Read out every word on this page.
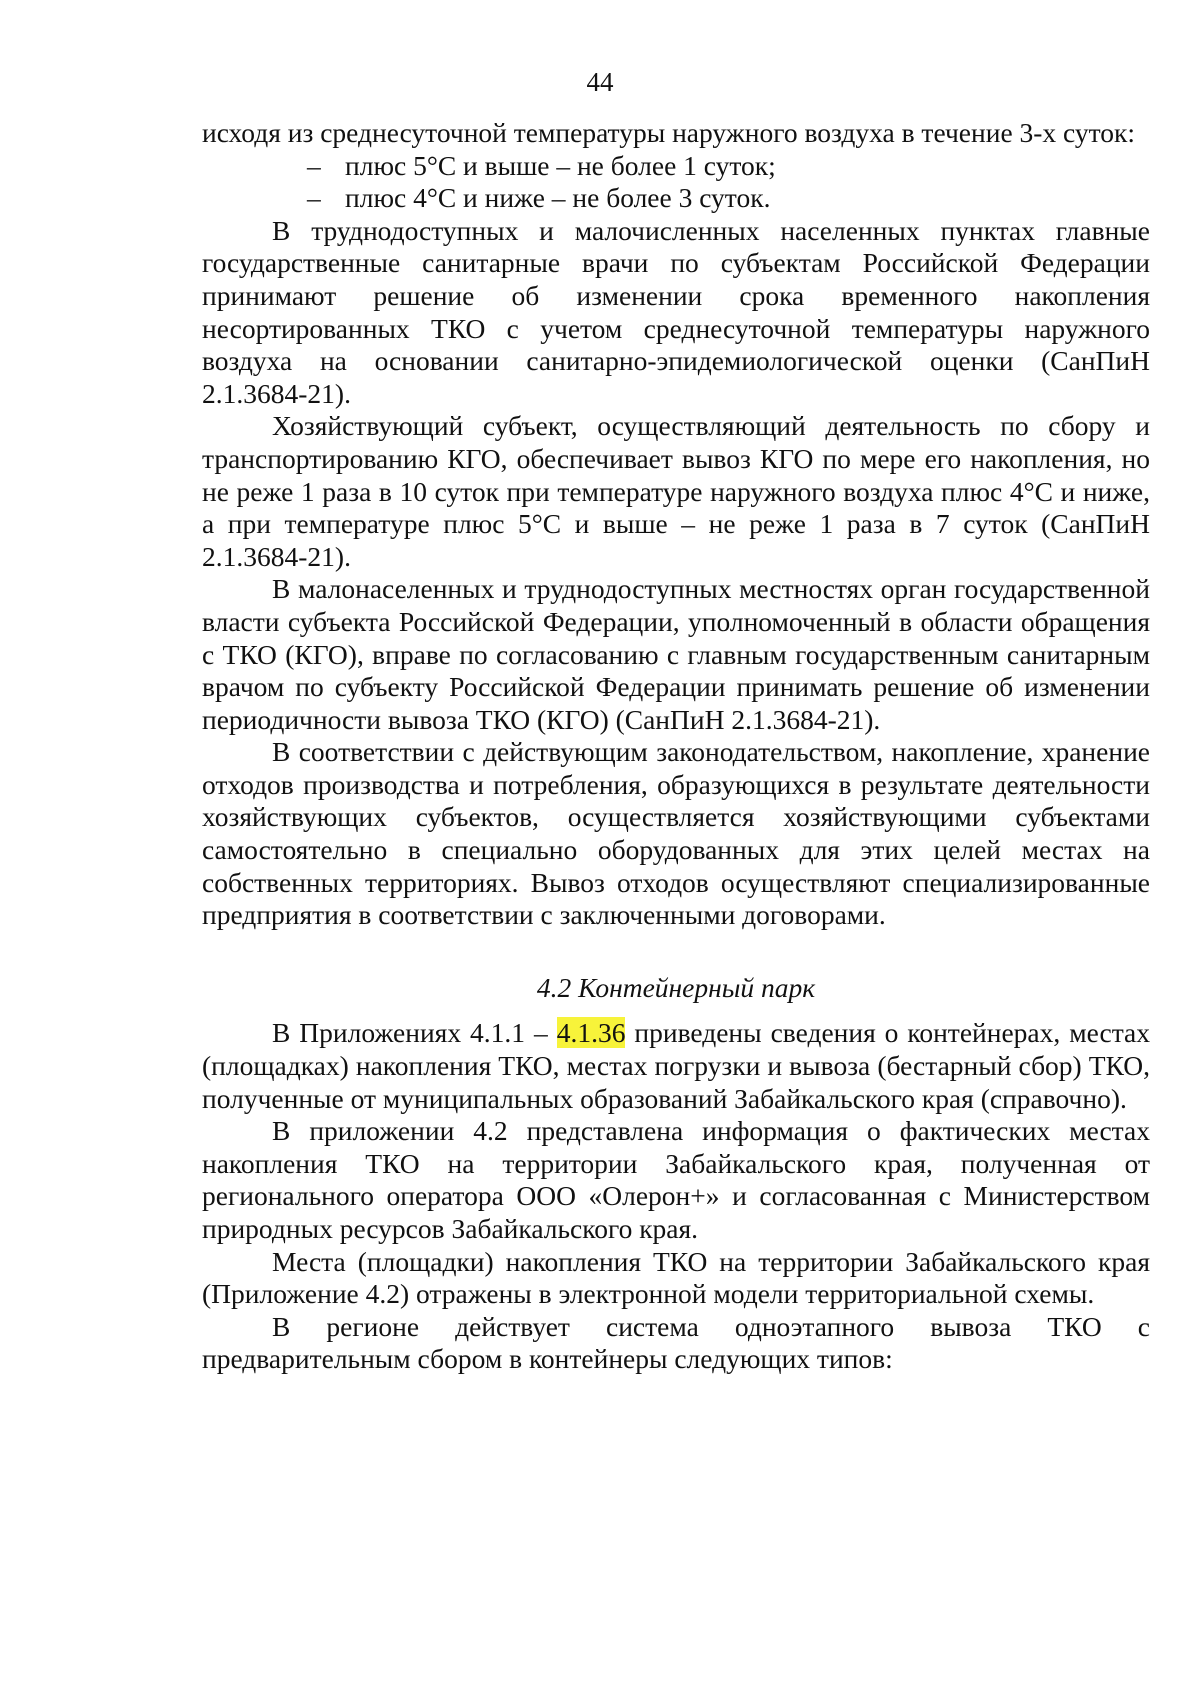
44

исходя из среднесуточной температуры наружного воздуха в течение 3-х суток:

– плюс 5°С и выше – не более 1 суток;
– плюс 4°С и ниже – не более 3 суток.

В труднодоступных и малочисленных населенных пунктах главные государственные санитарные врачи по субъектам Российской Федерации принимают решение об изменении срока временного накопления несортированных ТКО с учетом среднесуточной температуры наружного воздуха на основании санитарно-эпидемиологической оценки (СанПиН 2.1.3684-21).

Хозяйствующий субъект, осуществляющий деятельность по сбору и транспортированию КГО, обеспечивает вывоз КГО по мере его накопления, но не реже 1 раза в 10 суток при температуре наружного воздуха плюс 4°С и ниже, а при температуре плюс 5°С и выше – не реже 1 раза в 7 суток (СанПиН 2.1.3684-21).

В малонаселенных и труднодоступных местностях орган государственной власти субъекта Российской Федерации, уполномоченный в области обращения с ТКО (КГО), вправе по согласованию с главным государственным санитарным врачом по субъекту Российской Федерации принимать решение об изменении периодичности вывоза ТКО (КГО) (СанПиН 2.1.3684-21).

В соответствии с действующим законодательством, накопление, хранение отходов производства и потребления, образующихся в результате деятельности хозяйствующих субъектов, осуществляется хозяйствующими субъектами самостоятельно в специально оборудованных для этих целей местах на собственных территориях. Вывоз отходов осуществляют специализированные предприятия в соответствии с заключенными договорами.

4.2 Контейнерный парк

В Приложениях 4.1.1 – 4.1.36 приведены сведения о контейнерах, местах (площадках) накопления ТКО, местах погрузки и вывоза (бестарный сбор) ТКО, полученные от муниципальных образований Забайкальского края (справочно).

В приложении 4.2 представлена информация о фактических местах накопления ТКО на территории Забайкальского края, полученная от регионального оператора ООО «Олерон+» и согласованная с Министерством природных ресурсов Забайкальского края.

Места (площадки) накопления ТКО на территории Забайкальского края (Приложение 4.2) отражены в электронной модели территориальной схемы.

В регионе действует система одноэтапного вывоза ТКО с предварительным сбором в контейнеры следующих типов:
